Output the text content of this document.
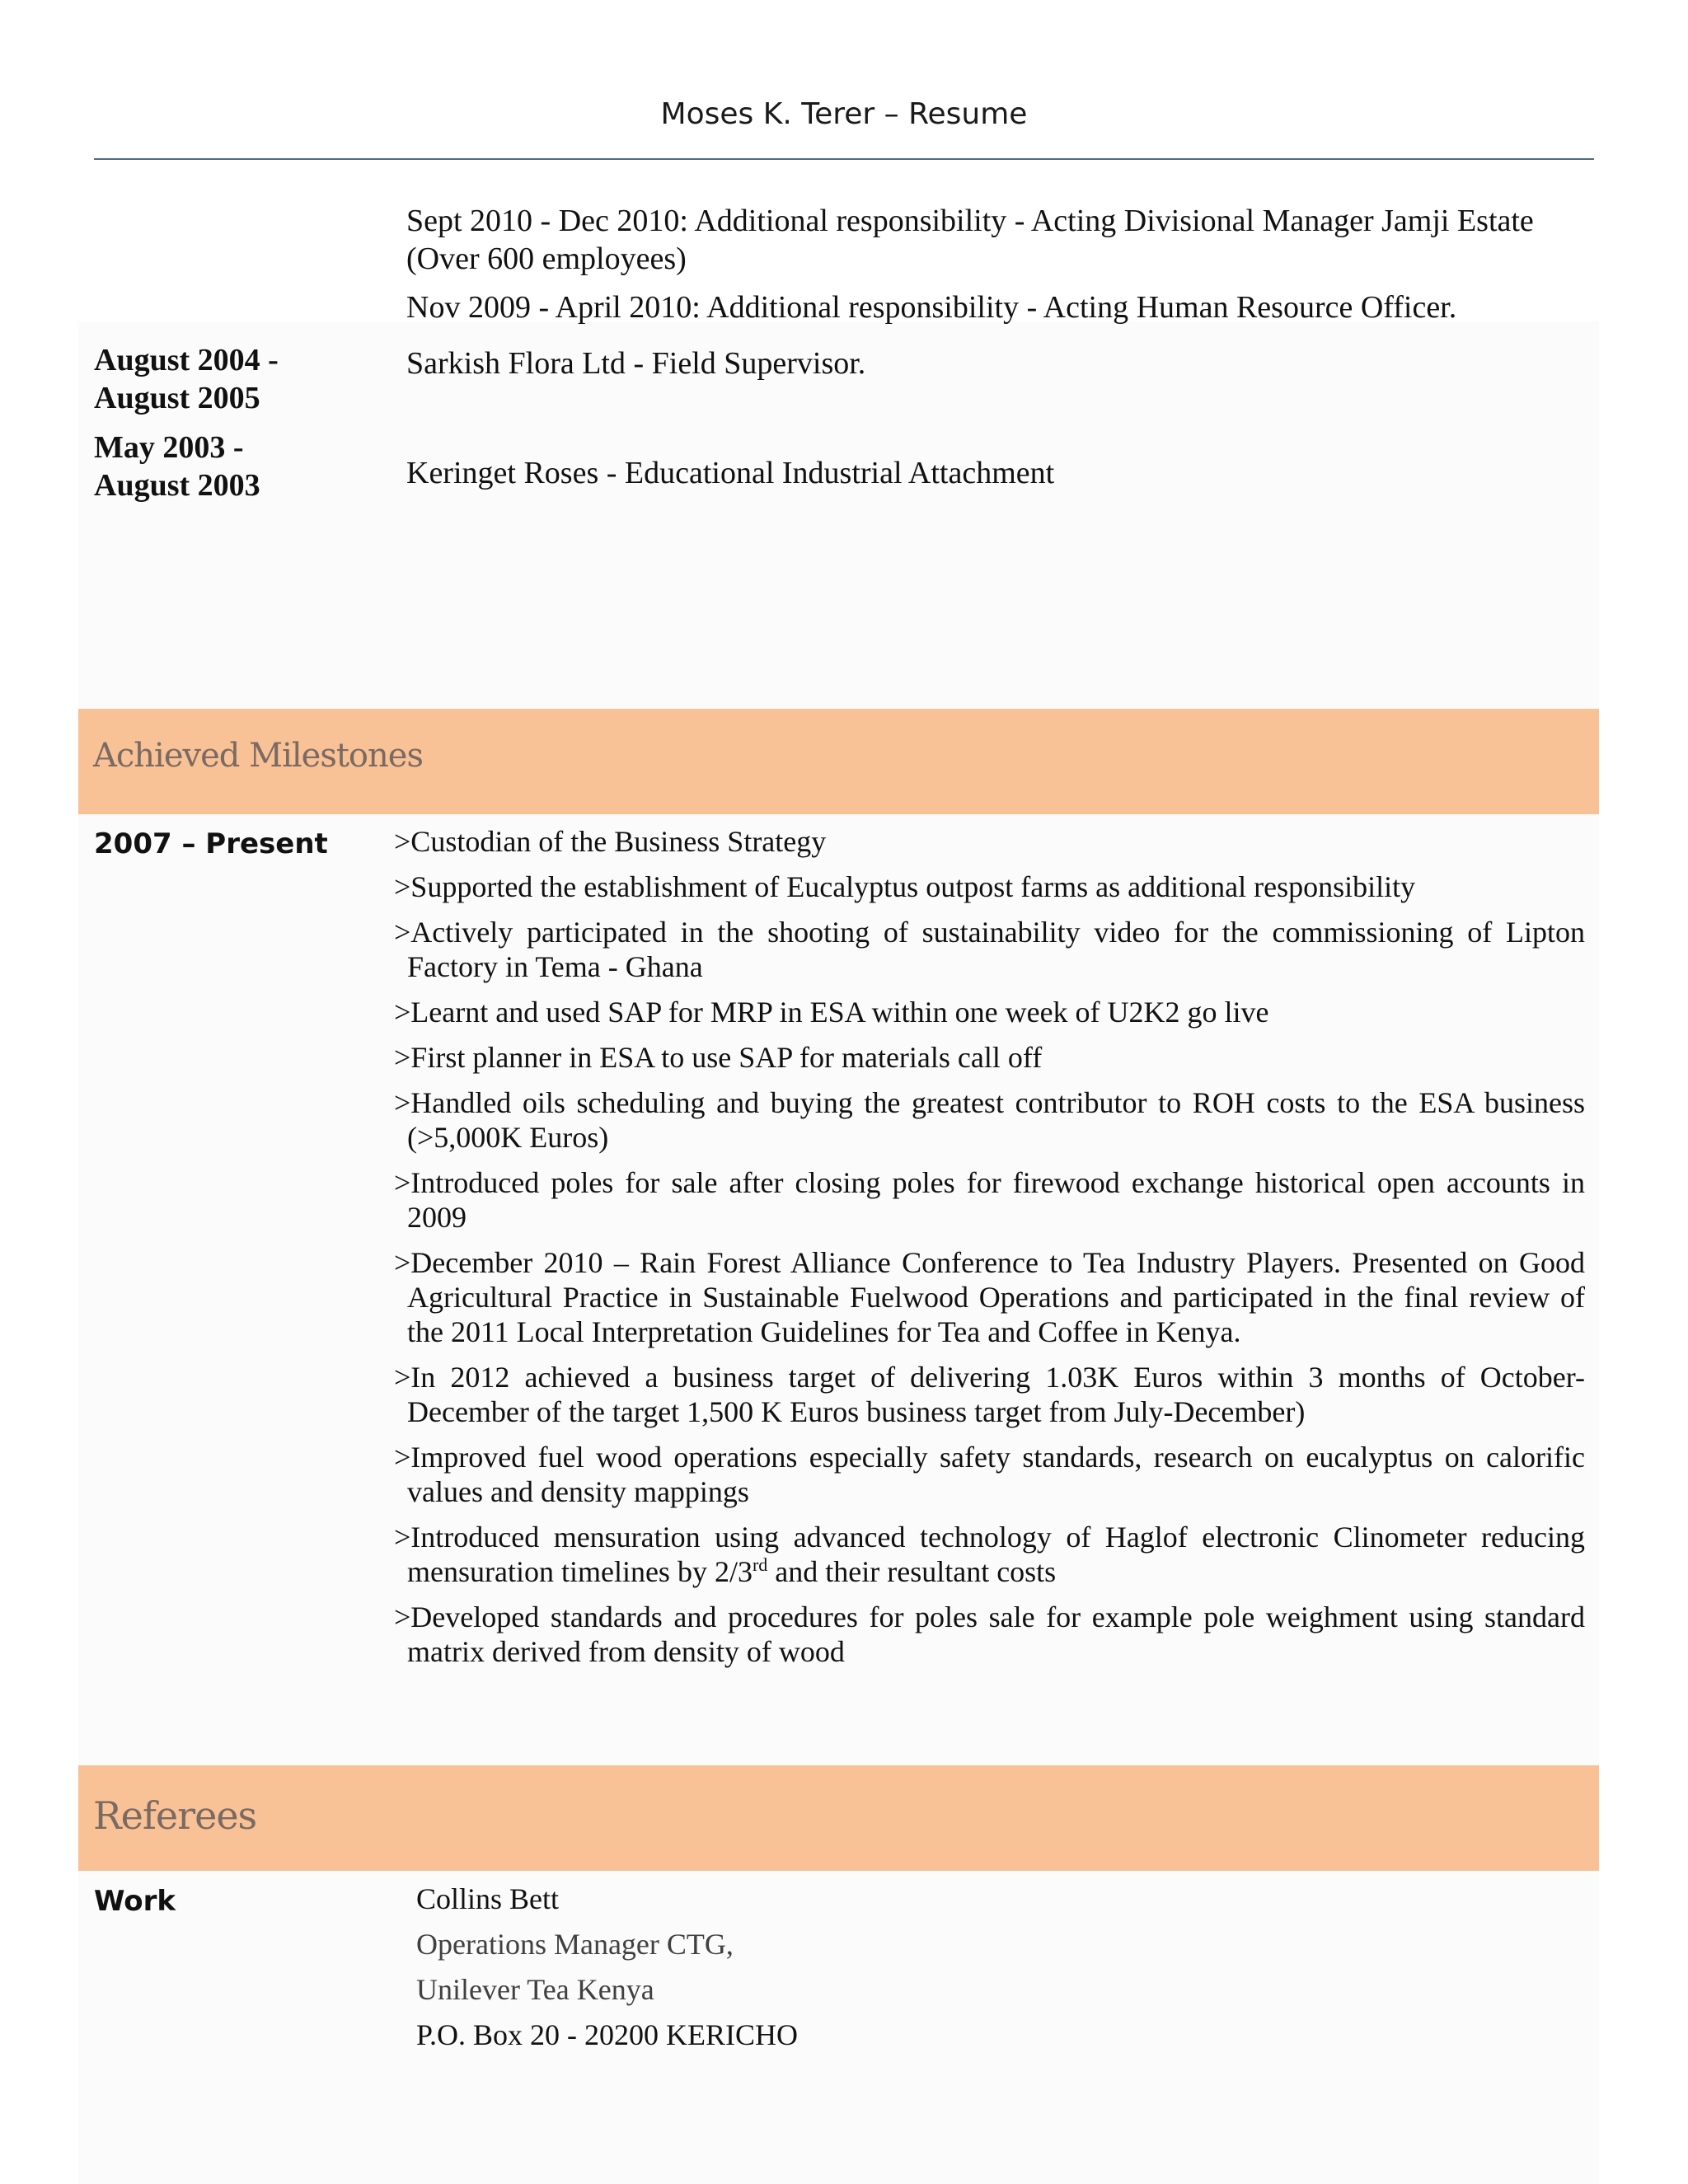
Moses K. Terer – Resume
Sept 2010 - Dec 2010: Additional responsibility - Acting Divisional Manager Jamji Estate (Over 600 employees)
Nov 2009 - April 2010: Additional responsibility - Acting Human Resource Officer.
August 2004 -
August 2005
Sarkish Flora Ltd - Field Supervisor.
May 2003 -
August 2003	Keringet Roses - Educational Industrial Attachment
Achieved Milestones
2007 – Present >Custodian of the Business Strategy
>Supported the establishment of Eucalyptus outpost farms as additional responsibility
>Actively participated in the shooting of sustainability video for the commissioning of Lipton Factory in Tema - Ghana
>Learnt and used SAP for MRP in ESA within one week of U2K2 go live
>First planner in ESA to use SAP for materials call off
>Handled oils scheduling and buying the greatest contributor to ROH costs to the ESA business (>5,000K Euros)
>Introduced poles for sale after closing poles for firewood exchange historical open accounts in 2009
>December 2010 – Rain Forest Alliance Conference to Tea Industry Players. Presented on Good Agricultural Practice in Sustainable Fuelwood Operations and participated in the final review of the 2011 Local Interpretation Guidelines for Tea and Coffee in Kenya.
>In 2012 achieved a business target of delivering 1.03K Euros within 3 months of October-December of the target 1,500 K Euros business target from July-December)
>Improved fuel wood operations especially safety standards, research on eucalyptus on calorific values and density mappings
>Introduced mensuration using advanced technology of Haglof electronic Clinometer reducing mensuration timelines by 2/3rd and their resultant costs
>Developed standards and procedures for poles sale for example pole weighment using standard matrix derived from density of wood
Referees
Work	Collins Bett
Operations Manager CTG,
Unilever Tea Kenya
P.O. Box 20 - 20200 KERICHO
